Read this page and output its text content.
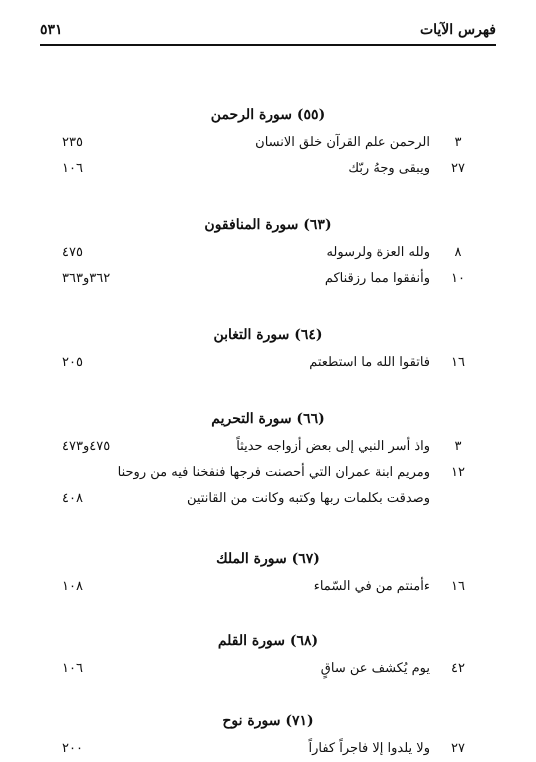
فهرس الآيات
٥٣١
(٥٥) سورة الرحمن
٣
الرحمن علم القرآن خلق الانسان
٢٣٥
٢٧
ويبقى وجهُ ربّك
١٠٦
(٦٣) سورة المنافقون
٨
ولله العزة ولرسوله
٤٧٥
١٠
وأنفقوا مما رزقناكم
٣٦٢و٣٦٣
(٦٤) سورة التغابن
١٦
فاتقوا الله ما استطعتم
٢٠٥
(٦٦) سورة التحريم
٣
واذ أسر النبي إلى بعض أزواجه حديثاً
٤٧٥و٤٧٣
١٢
ومريم ابنة عمران التي أحصنت فرجها فنفخنا فيه من روحنا
وصدقت بكلمات ربها وكتبه وكانت من القانتين
٤٠٨
(٦٧) سورة الملك
١٦
ءأمنتم من في السّماء
١٠٨
(٦٨) سورة القلم
٤٢
يوم يُكشف عن ساقٍ
١٠٦
(٧١) سورة نوح
٢٧
ولا يلدوا إلا فاجراً كفاراً
٢٠٠
